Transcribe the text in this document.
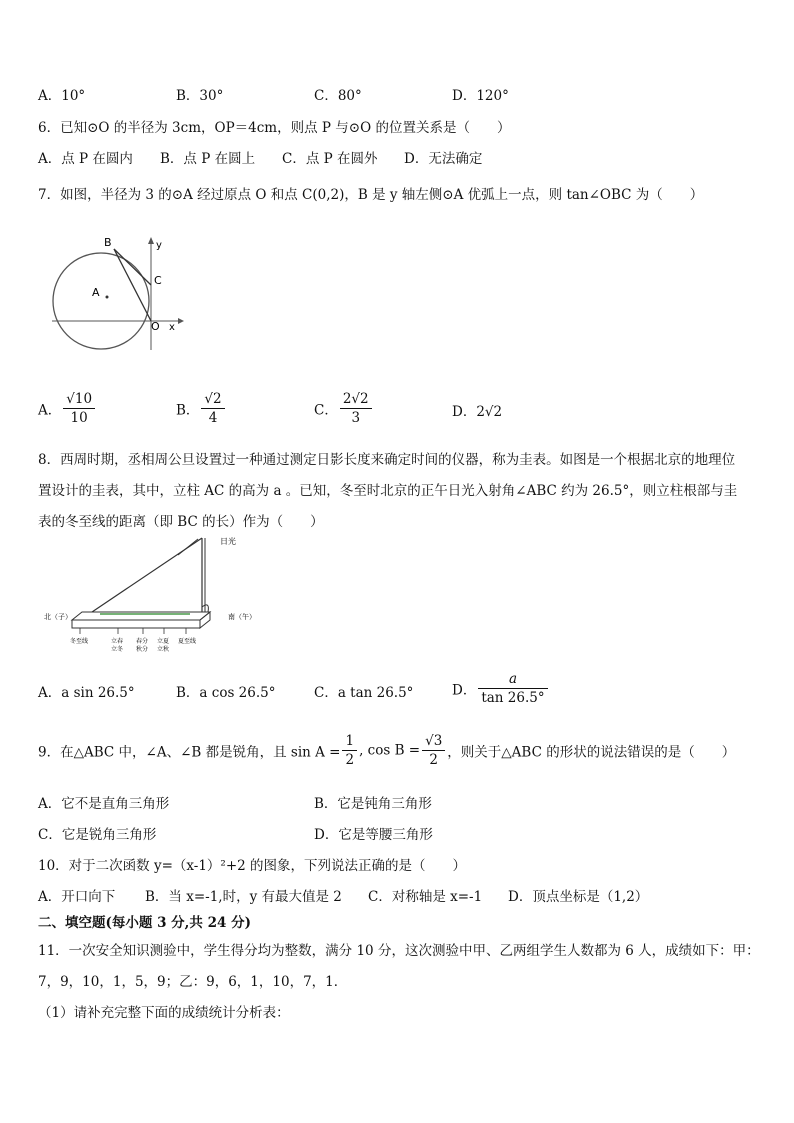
A．10°	B．30°	C．80°	D．120°
6．已知⊙O 的半径为 3cm，OP＝4cm，则点 P 与⊙O 的位置关系是（　　）
A．点 P 在圆内 B．点 P 在圆上 C．点 P 在圆外 D．无法确定
7．如图，半径为 3 的⊙A 经过原点 O 和点 C(0,2)，B 是 y 轴左侧⊙A 优弧上一点，则 tan∠OBC 为（　　）
B
C
A
O x
y
A． $\frac{√10}{10}$	B． $\frac{√2}{4}$	C． $\frac{2√2}{3}$	D．2√2
8．西周时期，丞相周公旦设置过一种通过测定日影长度来确定时间的仪器，称为圭表。如图是一个根据北京的地理位
置设计的圭表，其中，立柱 AC 的高为 a 。已知，冬至时北京的正午日光入射角∠ABC 约为 26.5°，则立柱根部与圭
表的冬至线的距离（即 BC 的长）作为（　　）
日光
北（子）	南（午）
冬至线	立春
立冬
春分
秋分
立夏
立秋
夏至线
A．a sin 26.5°	B．a cos 26.5°	C．a tan 26.5°	D． $\frac{a}{\tan 26.5^\circ}$
9．在△ABC 中，∠A、∠B 都是锐角，且 $\sin A = \frac{1}{2}$ , $\cos B = \frac{√3}{2}$ ，则关于△ABC 的形状的说法错误的是（　　）
A．它不是直角三角形	B．它是钝角三角形
C．它是锐角三角形	D．它是等腰三角形
10．对于二次函数 y=（x-1）²+2 的图象，下列说法正确的是（　　）
A．开口向下 B．当 x=-1,时，y 有最大值是 2 C．对称轴是 x=-1 D．顶点坐标是（1,2）
二、填空题(每小题 3 分,共 24 分)
11．一次安全知识测验中，学生得分均为整数，满分 10 分，这次测验中甲、乙两组学生人数都为 6 人，成绩如下：甲：
7，9，10，1，5，9；乙：9，6，1，10，7，1．
（1）请补充完整下面的成绩统计分析表：
